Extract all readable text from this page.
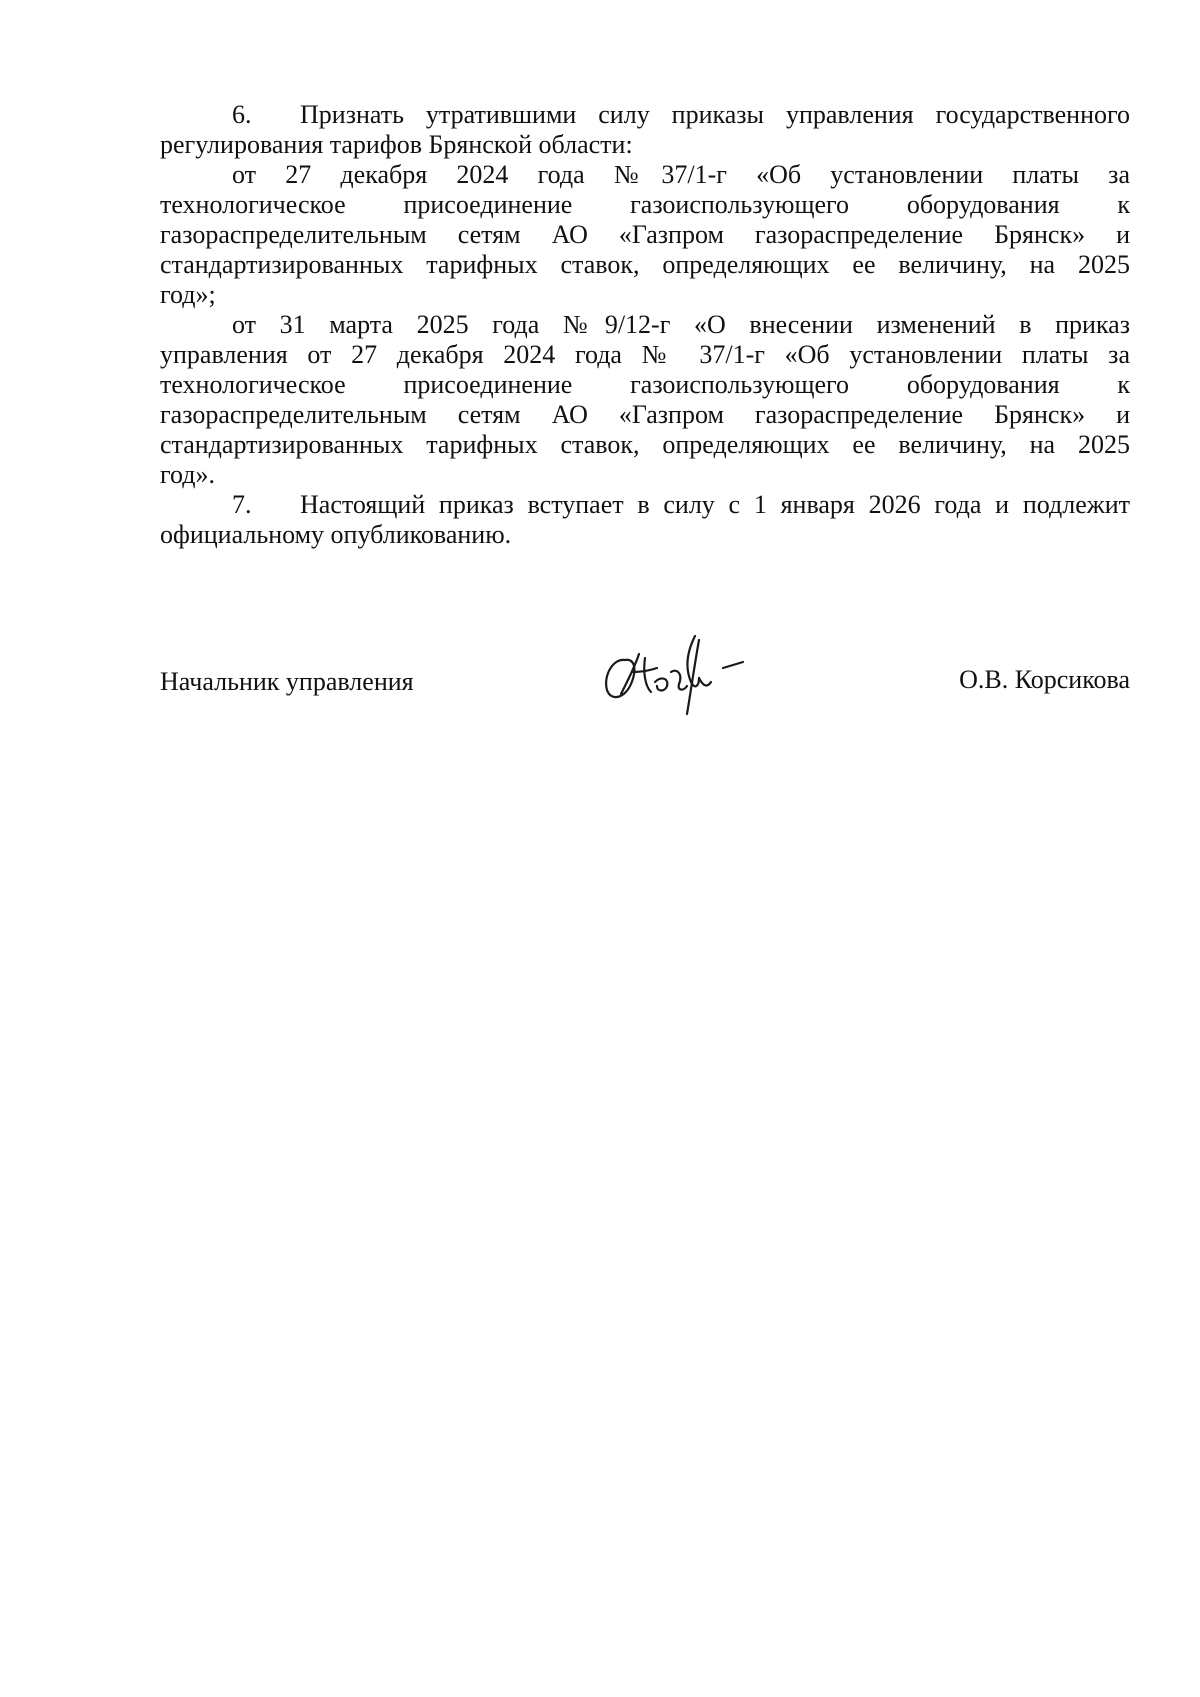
6. Признать утратившими силу приказы управления государственного
регулирования тарифов Брянской области:
от 27 декабря 2024 года №37/1-г «Об установлении платы за
технологическое присоединение газоиспользующего оборудования к
газораспределительным сетям АО «Газпром газораспределение Брянск» и
стандартизированных тарифных ставок, определяющих ее величину, на 2025
год»;
от 31 марта 2025 года №9/12-г «О внесении изменений в приказ
управления от 27 декабря 2024 года № 37/1-г «Об установлении платы за
технологическое присоединение газоиспользующего оборудования к
газораспределительным сетям АО «Газпром газораспределение Брянск» и
стандартизированных тарифных ставок, определяющих ее величину, на 2025
год».
7. Настоящий приказ вступает в силу с 1 января 2026 года и подлежит
официальному опубликованию.
Начальник управления	О.В. Корсикова
